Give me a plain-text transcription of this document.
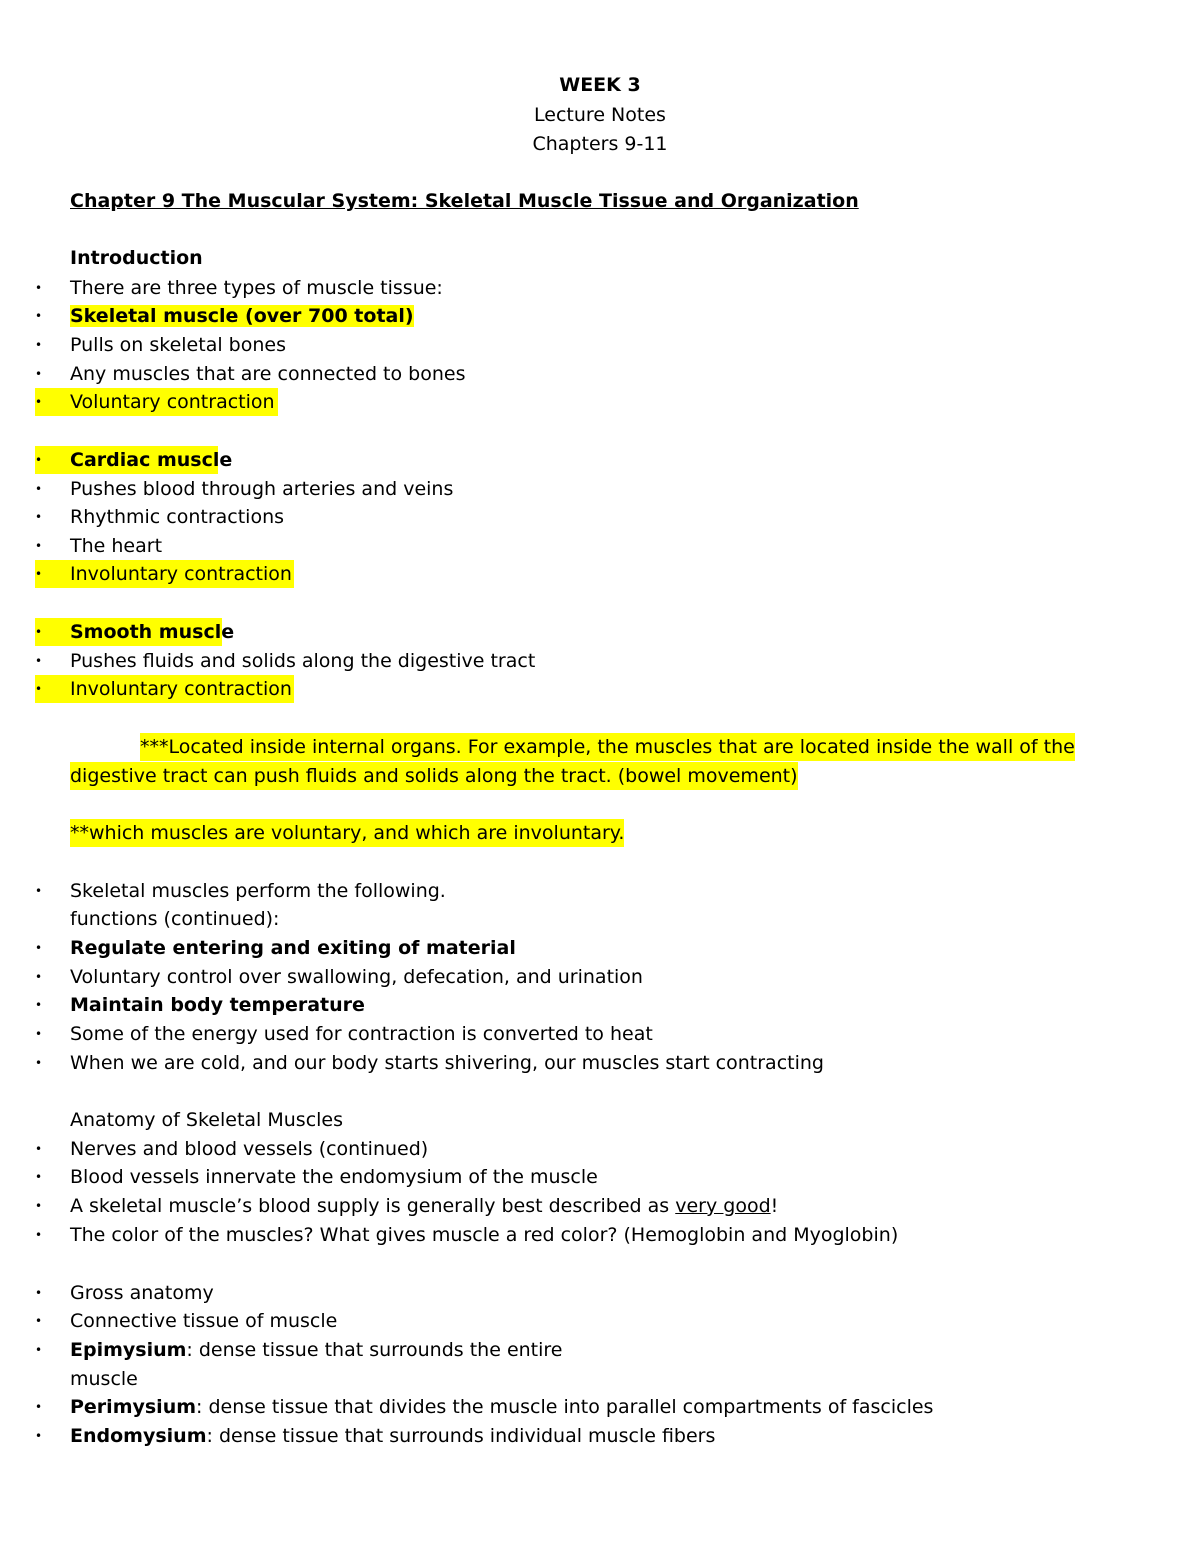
WEEK 3
Lecture Notes
Chapters 9-11
Chapter 9 The Muscular System: Skeletal Muscle Tissue and Organization
Introduction
•	There are three types of muscle tissue:
•	Skeletal muscle (over 700 total)
•	Pulls on skeletal bones
•	Any muscles that are connected to bones
•	Voluntary contraction
•	Cardiac muscle
•	Pushes blood through arteries and veins
•	Rhythmic contractions
•	The heart
•	Involuntary contraction
•	Smooth muscle
•	Pushes fluids and solids along the digestive tract
•	Involuntary contraction
***Located inside internal organs. For example, the muscles that are located inside the wall of the
digestive tract can push fluids and solids along the tract. (bowel movement)
**which muscles are voluntary, and which are involuntary.
•	Skeletal muscles perform the following.
functions (continued):
•	Regulate entering and exiting of material
•	Voluntary control over swallowing, defecation, and urination
•	Maintain body temperature
•	Some of the energy used for contraction is converted to heat
•	When we are cold, and our body starts shivering, our muscles start contracting
Anatomy of Skeletal Muscles
•	Nerves and blood vessels (continued)
•	Blood vessels innervate the endomysium of the muscle
•	A skeletal muscle’s blood supply is generally best described as very good!
•	The color of the muscles? What gives muscle a red color? (Hemoglobin and Myoglobin)
•	Gross anatomy
•	Connective tissue of muscle
•	Epimysium: dense tissue that surrounds the entire
muscle
•	Perimysium: dense tissue that divides the muscle into parallel compartments of fascicles
•	Endomysium: dense tissue that surrounds individual muscle fibers
